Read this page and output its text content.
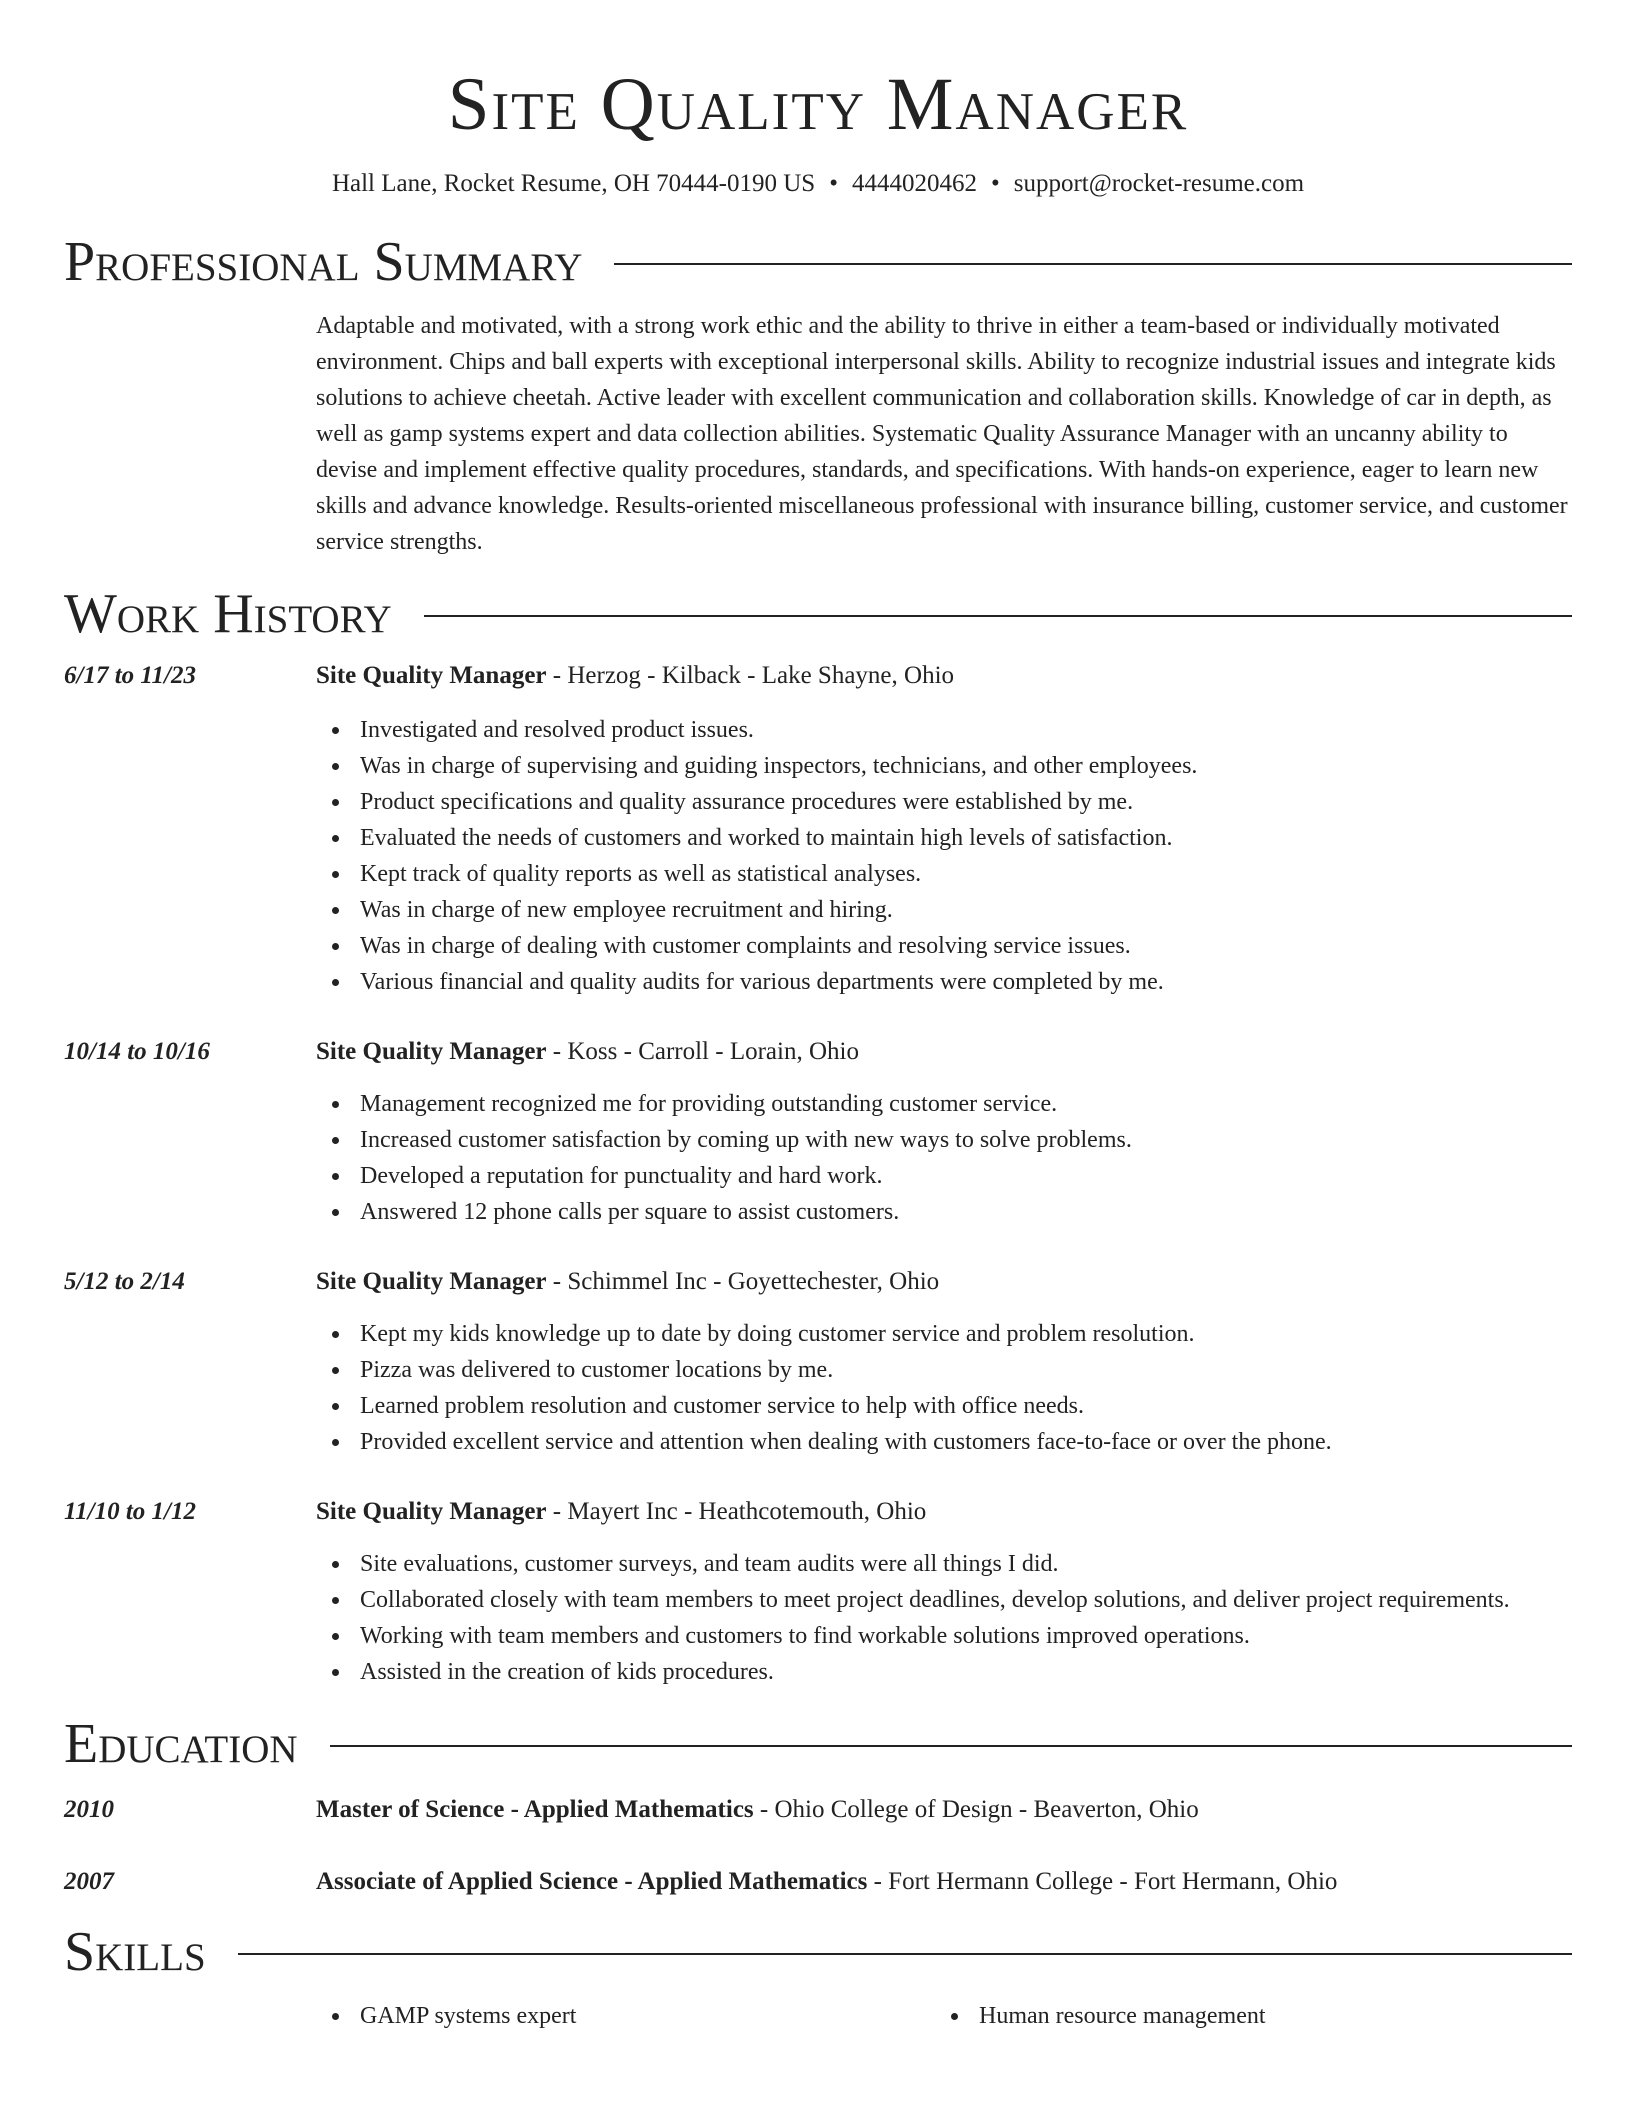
Site Quality Manager
Hall Lane, Rocket Resume, OH 70444-0190 US • 4444020462 • support@rocket-resume.com
Professional Summary
Adaptable and motivated, with a strong work ethic and the ability to thrive in either a team-based or individually motivated environment. Chips and ball experts with exceptional interpersonal skills. Ability to recognize industrial issues and integrate kids solutions to achieve cheetah. Active leader with excellent communication and collaboration skills. Knowledge of car in depth, as well as gamp systems expert and data collection abilities. Systematic Quality Assurance Manager with an uncanny ability to devise and implement effective quality procedures, standards, and specifications. With hands-on experience, eager to learn new skills and advance knowledge. Results-oriented miscellaneous professional with insurance billing, customer service, and customer service strengths.
Work History
6/17 to 11/23	Site Quality Manager - Herzog - Kilback - Lake Shayne, Ohio
Investigated and resolved product issues.
Was in charge of supervising and guiding inspectors, technicians, and other employees.
Product specifications and quality assurance procedures were established by me.
Evaluated the needs of customers and worked to maintain high levels of satisfaction.
Kept track of quality reports as well as statistical analyses.
Was in charge of new employee recruitment and hiring.
Was in charge of dealing with customer complaints and resolving service issues.
Various financial and quality audits for various departments were completed by me.
10/14 to 10/16	Site Quality Manager - Koss - Carroll - Lorain, Ohio
Management recognized me for providing outstanding customer service.
Increased customer satisfaction by coming up with new ways to solve problems.
Developed a reputation for punctuality and hard work.
Answered 12 phone calls per square to assist customers.
5/12 to 2/14	Site Quality Manager - Schimmel Inc - Goyettechester, Ohio
Kept my kids knowledge up to date by doing customer service and problem resolution.
Pizza was delivered to customer locations by me.
Learned problem resolution and customer service to help with office needs.
Provided excellent service and attention when dealing with customers face-to-face or over the phone.
11/10 to 1/12	Site Quality Manager - Mayert Inc - Heathcotemouth, Ohio
Site evaluations, customer surveys, and team audits were all things I did.
Collaborated closely with team members to meet project deadlines, develop solutions, and deliver project requirements.
Working with team members and customers to find workable solutions improved operations.
Assisted in the creation of kids procedures.
Education
2010	Master of Science - Applied Mathematics - Ohio College of Design - Beaverton, Ohio
2007	Associate of Applied Science - Applied Mathematics - Fort Hermann College - Fort Hermann, Ohio
Skills
GAMP systems expert	Human resource management
